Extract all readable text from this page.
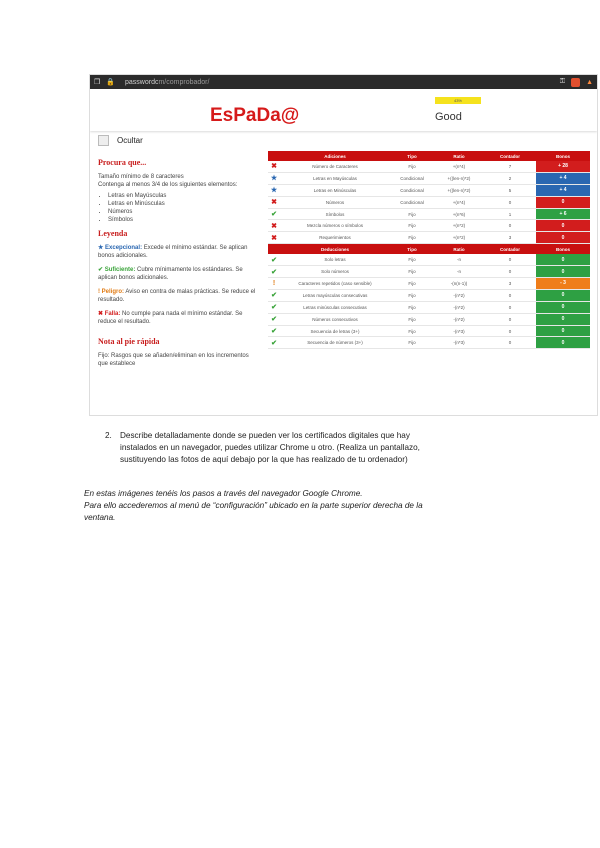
❒ 🔒 passwordcm/comprobador/	⚿	▲
EsPaDa@
43%
Good
Ocultar
Procura que...
Tamaño mínimo de 8 caracteres
Contenga al menos 3/4 de los siguientes elementos:
• Letras en Mayúsculas
• Letras en Minúsculas
• Números
• Símbolos
Leyenda
★ Excepcional: Excede el mínimo estándar. Se aplican bonos adicionales.
✔ Suficiente: Cubre mínimamente los estándares. Se aplican bonos adicionales.
! Peligro: Aviso en contra de malas prácticas. Se reduce el resultado.
✖ Falla: No cumple para nada el mínimo estándar. Se reduce el resultado.
Nota al pie rápida
Fijo: Rasgos que se añaden/eliminan en los incrementos que establece
	Adiciones	Tipo	Ratio	Contador	Bonos
✖	Número de Caracteres	Fijo	+(n*4)	7	+ 28
★	Letras en Mayúsculas	Condicional	+((len-n)*2)	2	+ 4
★	Letras en Minúsculas	Condicional	+((len-n)*2)	5	+ 4
✖	Números	Condicional	+(n*4)	0	0
✔	Símbolos	Fijo	+(n*6)	1	+ 6
✖	Mezcla números o símbolos	Fijo	+(n*2)	0	0
✖	Requerimientos	Fijo	+(n*2)	3	0
	Deducciones	Tipo	Ratio	Contador	Bonos
✔	Solo letras	Fijo	-n	0	0
✔	Solo números	Fijo	-n	0	0
!	Caracteres repetidos (caso sensible)	Fijo	-(n(n-1))	3	- 3
✔	Letras mayúsculas consecutivas	Fijo	-(n*2)	0	0
✔	Letras minúsculas consecutivas	Fijo	-(n*2)	0	0
✔	Números consecutivos	Fijo	-(n*2)	0	0
✔	Secuencia de letras (3+)	Fijo	-(n*3)	0	0
✔	Secuencia de números (3+)	Fijo	-(n*3)	0	0
2. Describe detalladamente donde se pueden ver los certificados digitales que hay
instalados en un navegador, puedes utilizar Chrome u otro. (Realiza un pantallazo,
sustituyendo las fotos de aquí debajo por la que has realizado de tu ordenador)
En estas imágenes tenéis los pasos a través del navegador Google Chrome.
Para ello accederemos al menú de “configuración” ubicado en la parte superior derecha de la
ventana.
